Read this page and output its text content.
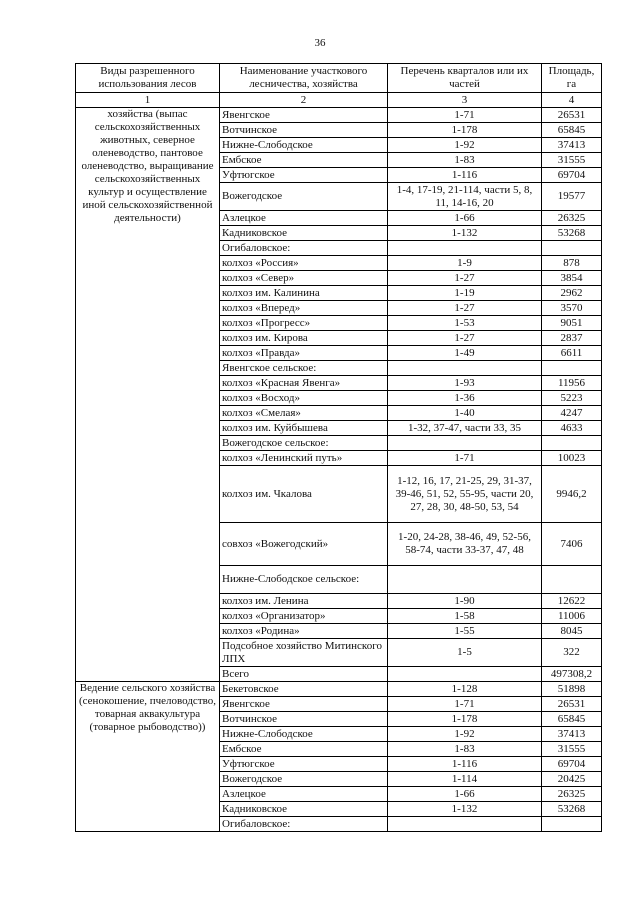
36
Виды разрешенного использования лесов	Наименование участкового лесничества, хозяйства	Перечень кварталов или их частей	Площадь, га
1	2	3	4
хозяйства (выпас сельскохозяйственных животных, северное оленеводство, пантовое оленеводство, выращивание сельскохозяйственных культур и осуществление иной сельскохозяйственной деятельности)	Явенгское	1-71	26531
	Вотчинское	1-178	65845
	Нижне-Слободское	1-92	37413
	Ембское	1-83	31555
	Уфтюгское	1-116	69704
	Вожегодское	1-4, 17-19, 21-114, части 5, 8, 11, 14-16, 20	19577
	Азлецкое	1-66	26325
	Кадниковское	1-132	53268
	Огибаловское:		
	колхоз «Россия»	1-9	878
	колхоз «Север»	1-27	3854
	колхоз им. Калинина	1-19	2962
	колхоз «Вперед»	1-27	3570
	колхоз «Прогресс»	1-53	9051
	колхоз им. Кирова	1-27	2837
	колхоз «Правда»	1-49	6611
	Явенгское сельское:		
	колхоз «Красная Явенга»	1-93	11956
	колхоз «Восход»	1-36	5223
	колхоз «Смелая»	1-40	4247
	колхоз им. Куйбышева	1-32, 37-47, части 33, 35	4633
	Вожегодское сельское:		
	колхоз «Ленинский путь»	1-71	10023
	колхоз им. Чкалова	1-12, 16, 17, 21-25, 29, 31-37, 39-46, 51, 52, 55-95, части 20, 27, 28, 30, 48-50, 53, 54	9946,2
	совхоз «Вожегодский»	1-20, 24-28, 38-46, 49, 52-56, 58-74, части 33-37, 47, 48	7406
	Нижне-Слободское сельское:		
	колхоз им. Ленина	1-90	12622
	колхоз «Организатор»	1-58	11006
	колхоз «Родина»	1-55	8045
	Подсобное хозяйство Митинского ЛПХ	1-5	322
	Всего		497308,2
Ведение сельского хозяйства (сенокошение, пчеловодство, товарная аквакультура (товарное рыбоводство))	Бекетовское	1-128	51898
	Явенгское	1-71	26531
	Вотчинское	1-178	65845
	Нижне-Слободское	1-92	37413
	Ембское	1-83	31555
	Уфтюгское	1-116	69704
	Вожегодское	1-114	20425
	Азлецкое	1-66	26325
	Кадниковское	1-132	53268
	Огибаловское:		
